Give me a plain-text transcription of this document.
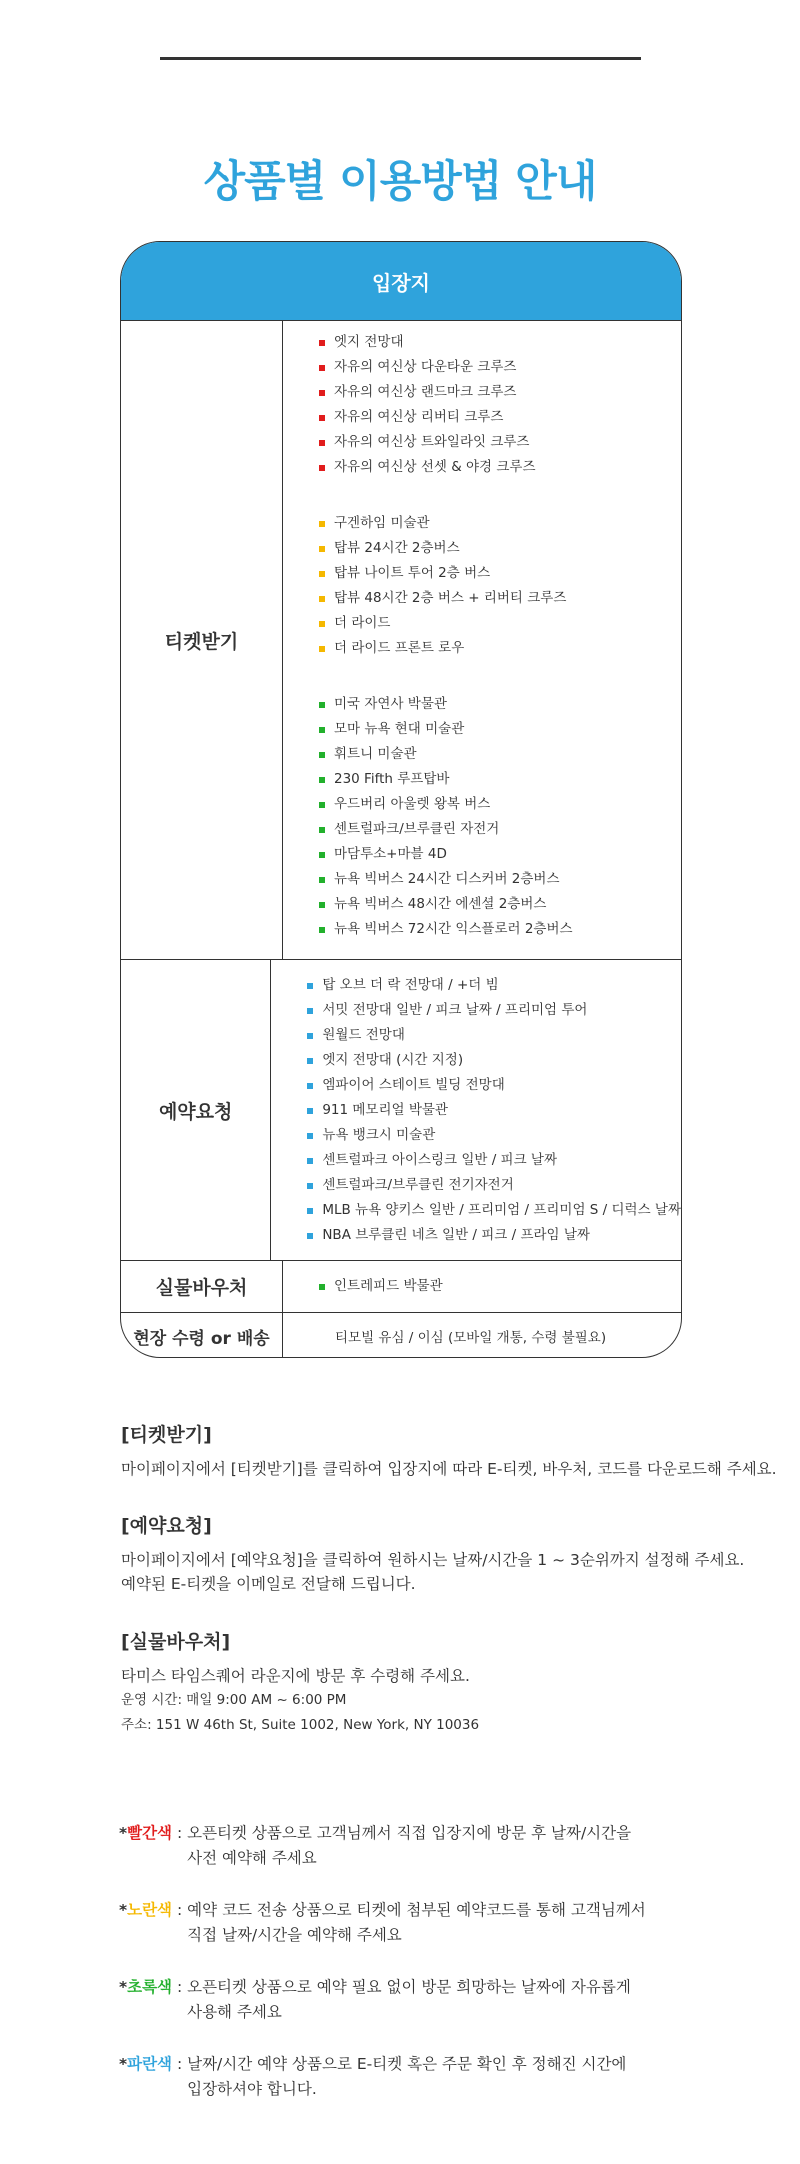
상품별 이용방법 안내
입장지
티켓받기
엣지 전망대
자유의 여신상 다운타운 크루즈
자유의 여신상 랜드마크 크루즈
자유의 여신상 리버티 크루즈
자유의 여신상 트와일라잇 크루즈
자유의 여신상 선셋 & 야경 크루즈
구겐하임 미술관
탑뷰 24시간 2층버스
탑뷰 나이트 투어 2층 버스
탑뷰 48시간 2층 버스 + 리버티 크루즈
더 라이드
더 라이드 프론트 로우
미국 자연사 박물관
모마 뉴욕 현대 미술관
휘트니 미술관
230 Fifth 루프탑바
우드버리 아울렛 왕복 버스
센트럴파크/브루클린 자전거
마담투소+마블 4D
뉴욕 빅버스 24시간 디스커버 2층버스
뉴욕 빅버스 48시간 에센셜 2층버스
뉴욕 빅버스 72시간 익스플로러 2층버스
예약요청
탑 오브 더 락 전망대 / +더 빔
서밋 전망대 일반 / 피크 날짜 / 프리미엄 투어
원월드 전망대
엣지 전망대 (시간 지정)
엠파이어 스테이트 빌딩 전망대
911 메모리얼 박물관
뉴욕 뱅크시 미술관
센트럴파크 아이스링크 일반 / 피크 날짜
센트럴파크/브루클린 전기자전거
MLB 뉴욕 양키스 일반 / 프리미엄 / 프리미엄 S / 디럭스 날짜
NBA 브루클린 네츠 일반 / 피크 / 프라임 날짜
실물바우처	인트레피드 박물관
현장 수령 or 배송	티모빌 유심 / 이심 (모바일 개통, 수령 불필요)
[티켓받기]
마이페이지에서 [티켓받기]를 클릭하여 입장지에 따라 E-티켓, 바우처, 코드를 다운로드해 주세요.
[예약요청]
마이페이지에서 [예약요청]을 클릭하여 원하시는 날짜/시간을 1 ~ 3순위까지 설정해 주세요.
예약된 E-티켓을 이메일로 전달해 드립니다.
[실물바우처]
타미스 타임스퀘어 라운지에 방문 후 수령해 주세요.
운영 시간: 매일 9:00 AM ~ 6:00 PM
주소: 151 W 46th St, Suite 1002, New York, NY 10036
* 빨간색 : 오픈티켓 상품으로 고객님께서 직접 입장지에 방문 후 날짜/시간을
사전 예약해 주세요
* 노란색 : 예약 코드 전송 상품으로 티켓에 첨부된 예약코드를 통해 고객님께서
직접 날짜/시간을 예약해 주세요
* 초록색 : 오픈티켓 상품으로 예약 필요 없이 방문 희망하는 날짜에 자유롭게
사용해 주세요
* 파란색 : 날짜/시간 예약 상품으로 E-티켓 혹은 주문 확인 후 정해진 시간에
입장하셔야 합니다.
